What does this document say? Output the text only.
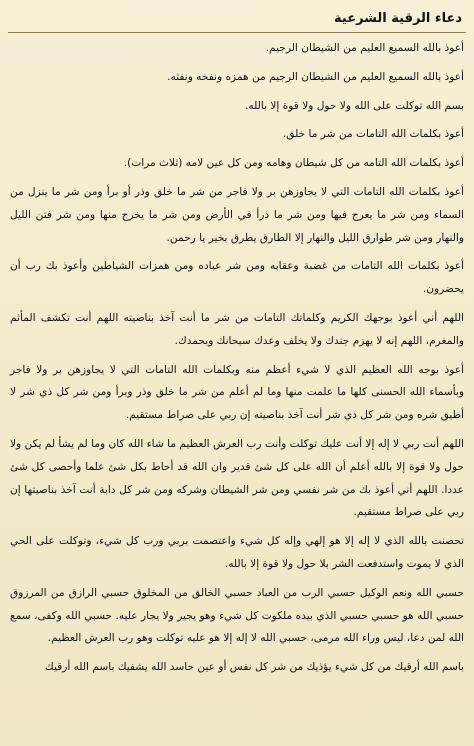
دعاء الرقية الشرعية

أعوذ بالله السميع العليم من الشيطان الرجيم.

أعوذ بالله السميع العليم من الشيطان الرجيم من همزه ونفخه ونفثه.

بسم الله توكلت على الله ولا حول ولا قوة إلا بالله.

أعوذ بكلمات الله التامات من شر ما خلق.

أعوذ بكلمات الله التامه من كل شيطان وهامه ومن كل عين لامه (ثلاث مرات).

أعوذ بكلمات الله التامات التي لا يجاوزهن بر ولا فاجر من شر ما خلق وذر أو برأ ومن شر ما ينزل من السماء ومن شر ما يعرج فيها ومن شر ما ذرأ في الأرض ومن شر ما يخرج منها ومن شر فتن الليل والنهار ومن شر طوارق الليل والنهار إلا الطارق يطرق بخير يا رحمن.

أعوذ بكلمات الله التامات من غضبة وعقابه ومن شر عباده ومن همزات الشياطين وأعوذ بك رب أن يحضرون.

اللهم أني أعوذ بوجهك الكريم وكلماتك التامات من شر ما أنت آخذ بناصيته اللهم أنت تكشف المأثم والمغرم، اللهم إنه لا يهزم جندك ولا يخلف وعدك سبحانك وبحمدك.

أعوذ بوجه الله العظيم الذي لا شيء أعظم منه وبكلمات الله التامات التي لا يجاوزهن بر ولا فاجر وبأسماء الله الحسنى كلها ما علمت منها وما لم أعلم من شر ما خلق وذر وبرأ ومن شر كل ذي شر لا أطيق شره ومن شر كل ذي شر أنت آخذ بناصيته إن ربي على صراط مستقيم.

اللهم أنت ربي لا إله إلا أنت عليك توكلت وأنت رب العرش العظيم ما شاء الله كان وما لم يشأ لم يكن ولا حول ولا قوة إلا بالله أعلم أن الله على كل شئ قدير وان الله قد أحاط بكل شئ علما وأحصى كل شئ عددا. اللهم أني أعوذ بك من شر نفسي ومن شر الشيطان وشركه ومن شر كل دابة أنت آخذ بناصيتها إن ربي على صراط مستقيم.

تحصنت بالله الذي لا إله إلا هو إلهي وإله كل شيء واعتصمت بربي ورب كل شيء، وتوكلت على الحي الذي لا يموت واستدفعت الشر بلا حول ولا قوة إلا بالله.

حسبي الله ونعم الوكيل حسبي الرب من العباد حسبي الخالق من المخلوق حسبي الرازق من المرزوق حسبي الله هو حسبي حسبي الذي بيده ملكوت كل شيء وهو يجير ولا يجار عليه. حسبي الله وكفى، سمع الله لمن دعا، ليس وراء الله مرمى، حسبي الله لا إله إلا هو عليه توكلت وهو رب العرش العظيم.

باسم الله أرقيك من كل شيء يؤذيك من شر كل نفس أو عين حاسد الله يشفيك باسم الله أرقيك
